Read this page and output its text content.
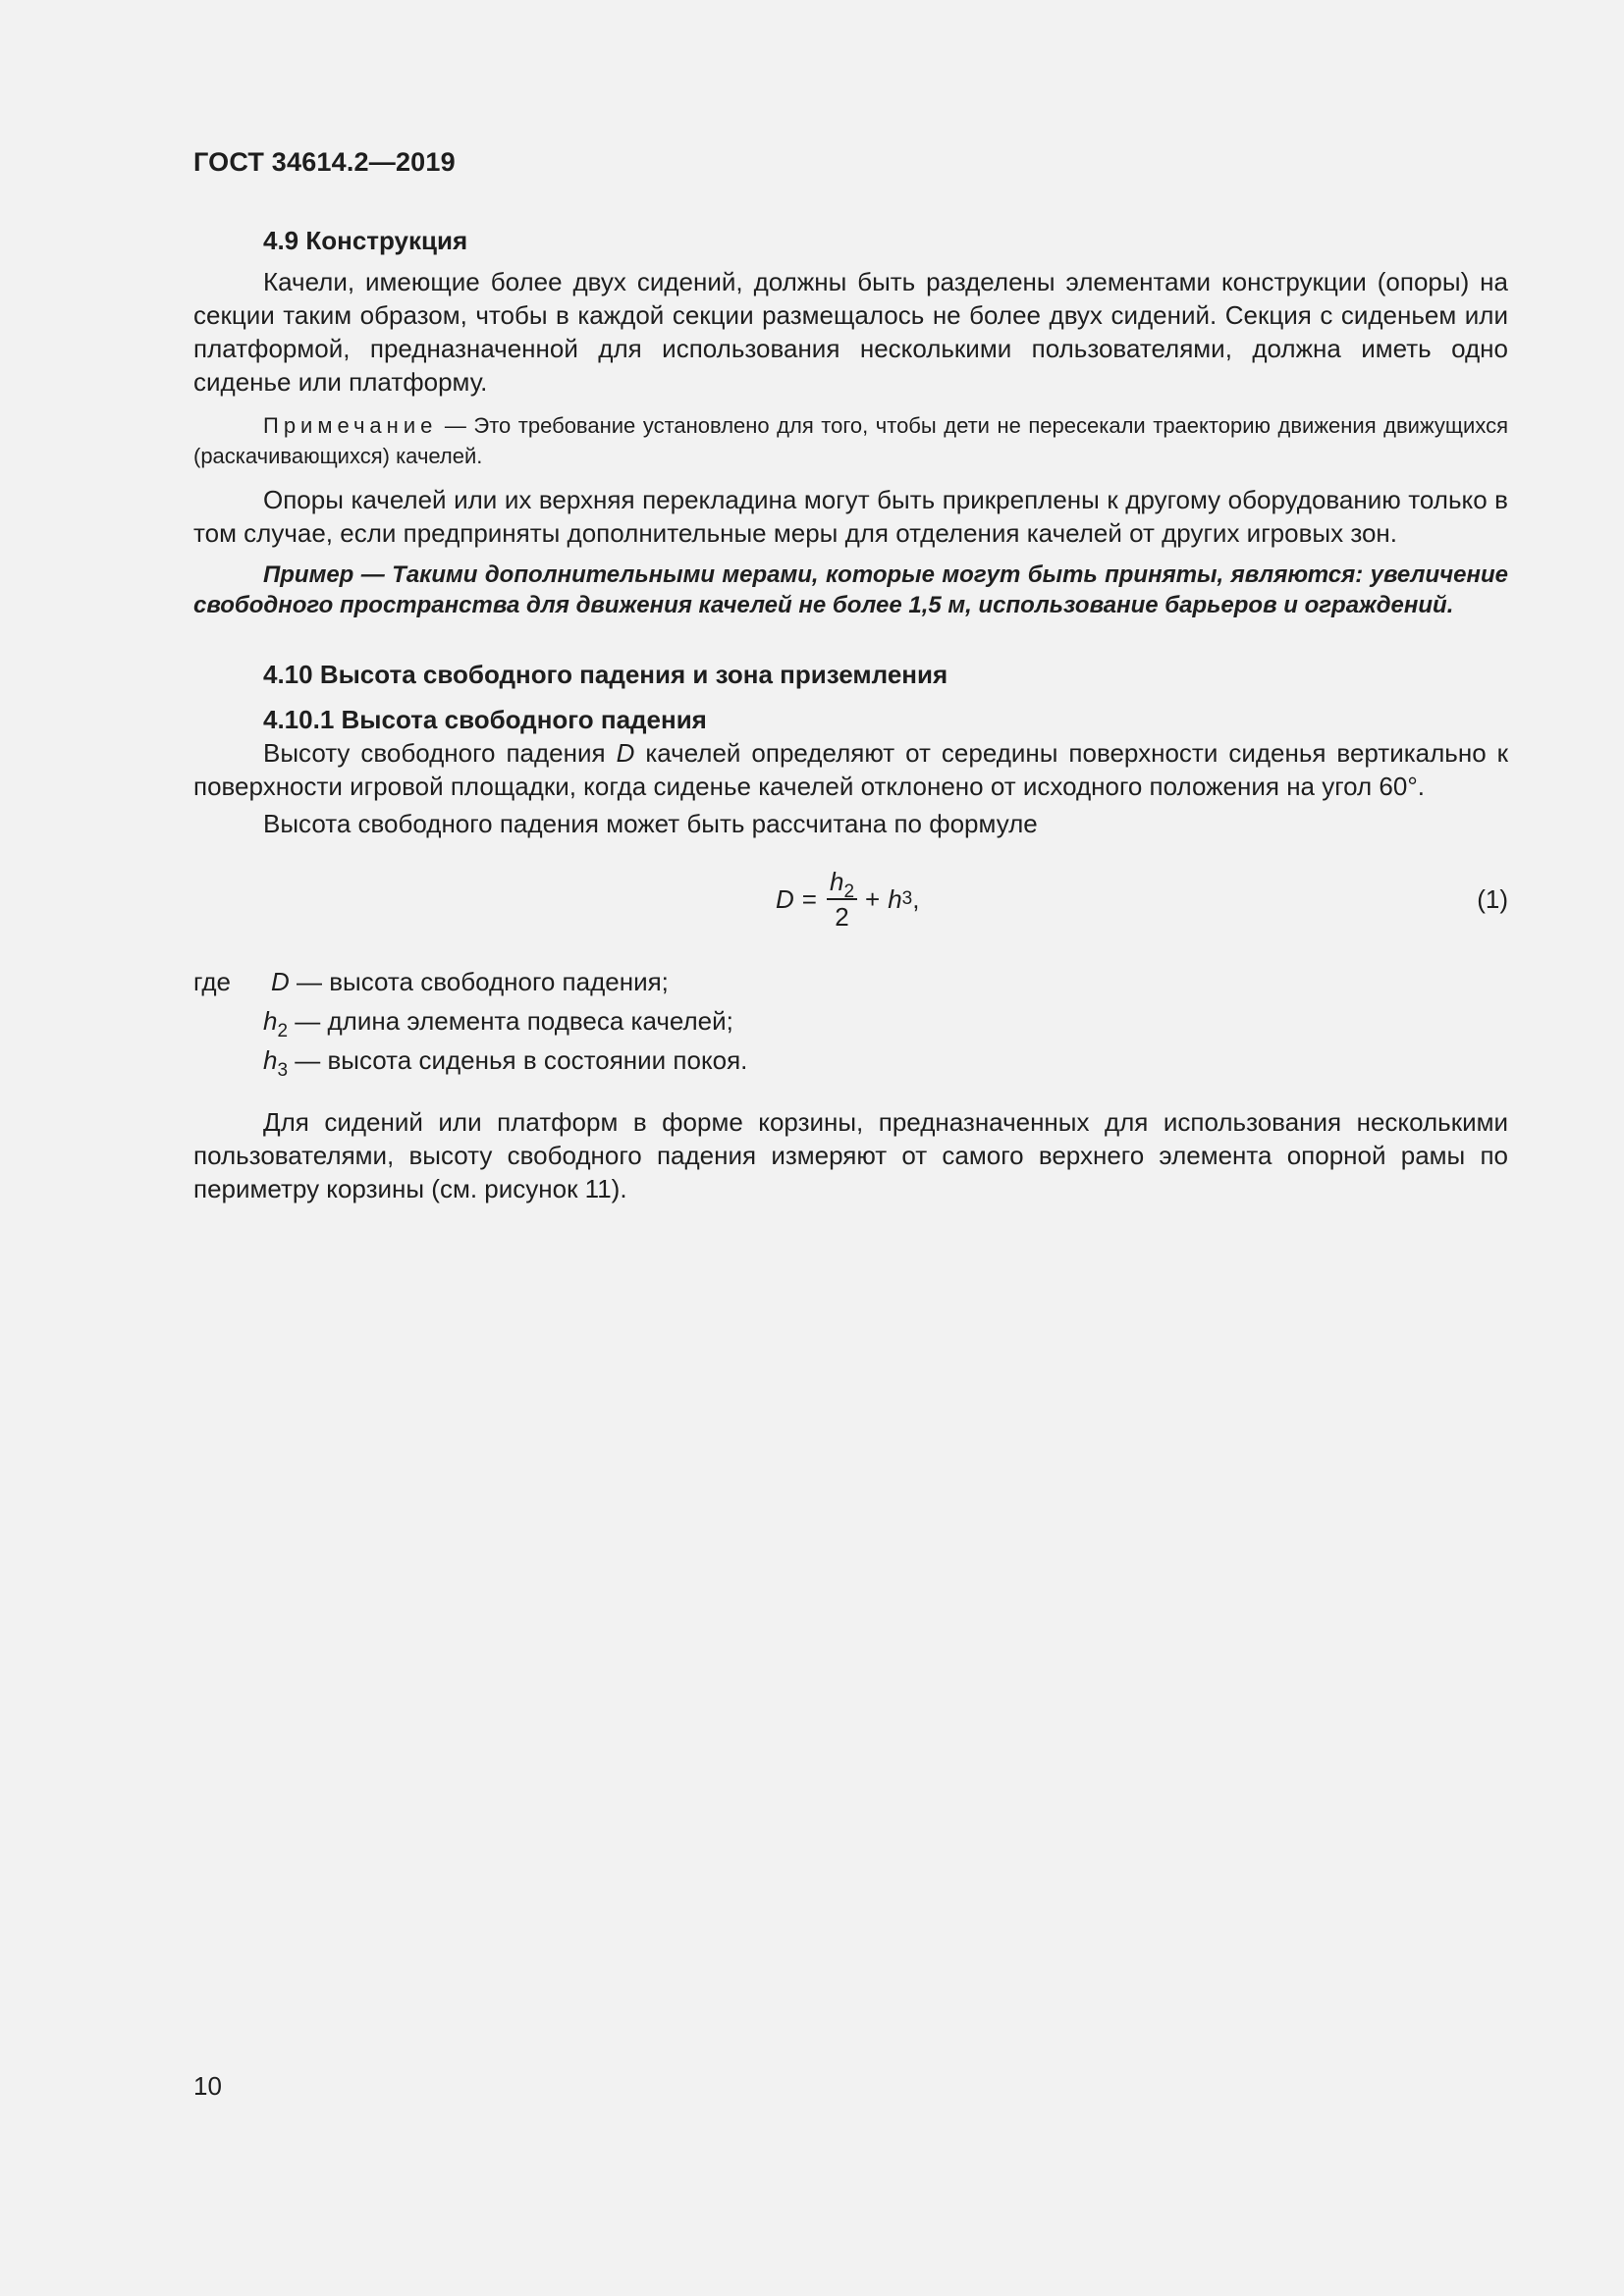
ГОСТ 34614.2—2019

4.9 Конструкция

Качели, имеющие более двух сидений, должны быть разделены элементами конструкции (опоры) на секции таким образом, чтобы в каждой секции размещалось не более двух сидений. Секция с сиденьем или платформой, предназначенной для использования несколькими пользователями, должна иметь одно сиденье или платформу.

Примечание — Это требование установлено для того, чтобы дети не пересекали траекторию движения движущихся (раскачивающихся) качелей.

Опоры качелей или их верхняя перекладина могут быть прикреплены к другому оборудованию только в том случае, если предприняты дополнительные меры для отделения качелей от других игровых зон.

Пример — Такими дополнительными мерами, которые могут быть приняты, являются: увеличение свободного пространства для движения качелей не более 1,5 м, использование барьеров и ограждений.

4.10 Высота свободного падения и зона приземления

4.10.1 Высота свободного падения

Высоту свободного падения D качелей определяют от середины поверхности сиденья вертикально к поверхности игровой площадки, когда сиденье качелей отклонено от исходного положения на угол 60°.

Высота свободного падения может быть рассчитана по формуле

$D = \frac{h_2}{2} + h$ 3 ,	(1)
где	D — высота свободного падения;

$h_2$ — длина элемента подвеса качелей;

$h_3$ — высота сиденья в состоянии покоя.

Для сидений или платформ в форме корзины, предназначенных для использования несколькими пользователями, высоту свободного падения измеряют от самого верхнего элемента опорной рамы по периметру корзины (см. рисунок 11).

10
